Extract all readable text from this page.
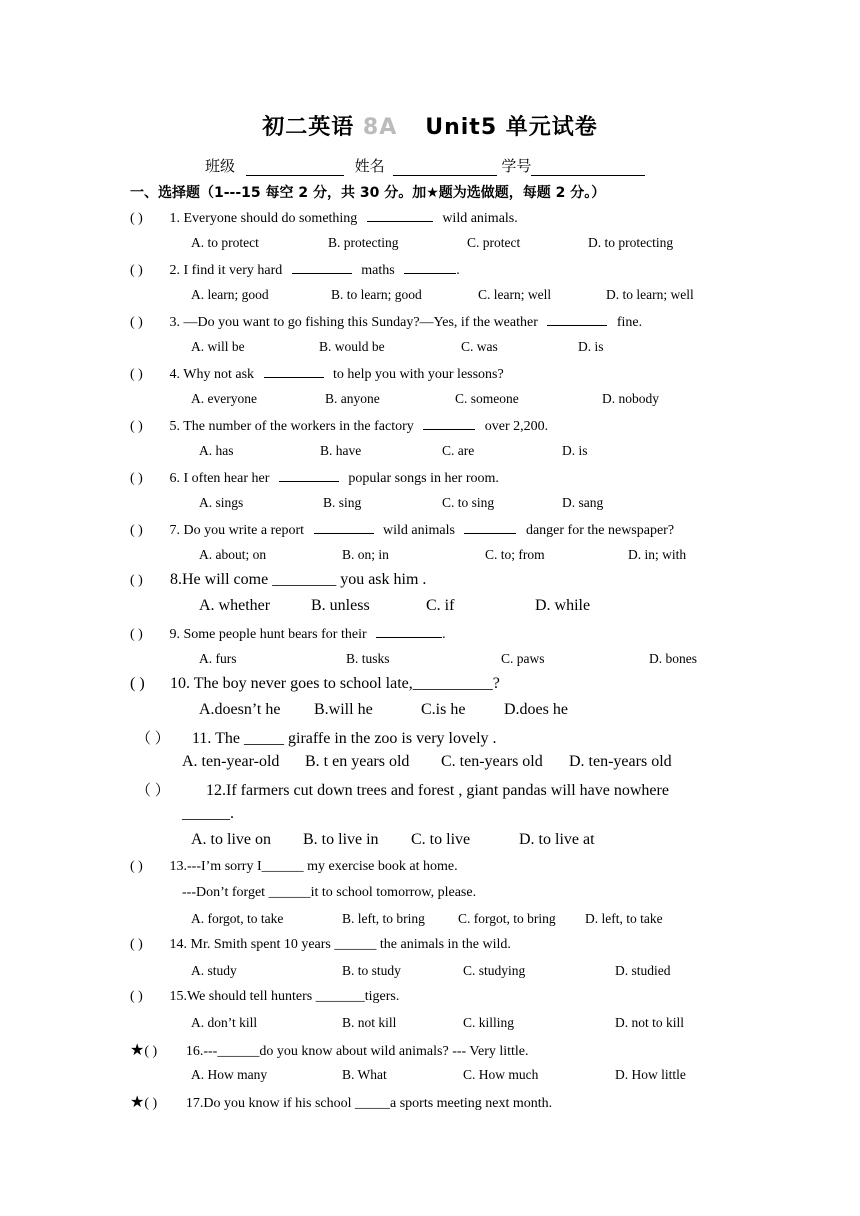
初二英语 8A Unit5 单元试卷
班级	姓名	学号
一、选择题（1---15 每空 2 分，共 30 分。加★题为选做题，每题 2 分。）
( ) 1. Everyone should do something	wild animals.
A. to protect	B. protecting	C. protect	D. to protecting
( ) 2. I find it very hard	maths	.
A. learn; good	B. to learn; good	C. learn; well	D. to learn; well
( ) 3. —Do you want to go fishing this Sunday?—Yes, if the weather	fine.
A. will be	B. would be	C. was	D. is
( ) 4. Why not ask	to help you with your lessons?
A. everyone	B. anyone	C. someone	D. nobody
( ) 5. The number of the workers in the factory	over 2,200.
A. has	B. have	C. are	D. is
( ) 6. I often hear her	popular songs in her room.
A. sings	B. sing	C. to sing	D. sang
( ) 7. Do you write a report	wild animals	danger for the newspaper?
A. about; on	B. on; in	C. to; from	D. in; with
( ) 8.He will come ________ you ask him .
A. whether	B. unless	C. if	D. while
( ) 9. Some people hunt bears for their	.
A. furs	B. tusks	C. paws	D. bones
( ) 10. The boy never goes to school late,__________?
A.doesn’t he B.will he	C.is he D.does he
（ ） 11. The _____ giraffe in the zoo is very lovely .
A. ten-year-old B. t en years old C. ten-years old D. ten-years old
（ ） 12.If farmers cut down trees and forest , giant pandas will have nowhere
______.
A. to live on B. to live in C. to live	D. to live at
( ) 13.---I’m sorry I______ my exercise book at home.
---Don’t forget ______it to school tomorrow, please.
A. forgot, to take	B. left, to bring C. forgot, to bring D. left, to take
( ) 14. Mr. Smith spent 10 years ______ the animals in the wild.
A. study	B. to study	C. studying	D. studied
( ) 15.We should tell hunters _______tigers.
A. don’t kill	B. not kill	C. killing	D. not to kill
★( ) 16.---______do you know about wild animals? --- Very little.
A. How many	B. What	C. How much	D. How little
★( ) 17.Do you know if his school _____a sports meeting next month.
